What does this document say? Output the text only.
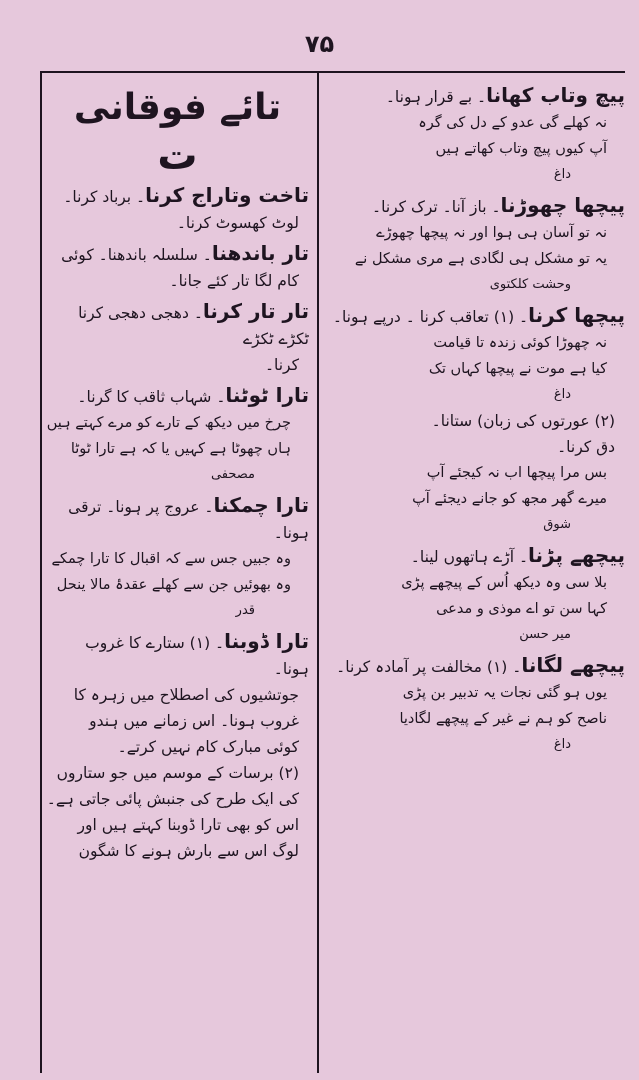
۷۵

پیچ وتاب کھانا۔ بے قرار ہونا۔

نہ کھلے گی عدو کے دل کی گرہ

آپ کیوں پیچ وتاب کھاتے ہیں

داغ

پیچھا چھوڑنا۔ باز آنا۔ ترک کرنا۔

نہ تو آسان ہی ہوا اور نہ پیچھا چھوڑے

یہ تو مشکل ہی لگادی ہے مری مشکل نے

وحشت کلکتوی

پیچھا کرنا۔ (۱) تعاقب کرنا ۔ درپے ہونا۔

نہ چھوڑا کوئی زندہ تا قیامت

کیا ہے موت نے پیچھا کہاں تک

داغ

(۲) عورتوں کی زبان) ستانا۔

دق کرنا۔

بس مرا پیچھا اب نہ کیجئے آپ

میرے گھر مجھ کو جانے دیجئے آپ

شوق

پیچھے پڑنا۔ آڑے ہاتھوں لینا۔

بلا سی وہ دیکھ اُس کے پیچھے پڑی

کہا سن تو اے موذی و مدعی

میر حسن

پیچھے لگانا۔ (۱) مخالفت پر آمادہ کرنا۔

یوں ہو گئی نجات یہ تدبیر بن پڑی

ناصح کو ہم نے غیر کے پیچھے لگادیا

داغ

تائے فوقانی

ت

تاخت وتاراج کرنا۔ برباد کرنا۔

لوٹ کھسوٹ کرنا۔

تار باندھنا۔ سلسلہ باندھنا۔ کوئی

کام لگا تار کئے جانا۔

تار تار کرنا۔ دھجی دھجی کرنا ٹکڑے ٹکڑے

کرنا۔

تارا ٹوٹنا۔ شہاب ثاقب کا گرنا۔

چرخ میں دیکھ کے تارے کو مرے کہتے ہیں

ہاں چھوٹا ہے کہیں یا کہ ہے تارا ٹوٹا

مصحفی

تارا چمکنا۔ عروج پر ہونا۔ ترقی ہونا۔

وہ جبیں جس سے کہ اقبال کا تارا چمکے

وہ بھوئیں جن سے کھلے عقدۂ مالا ینحل

قدر

تارا ڈوبنا۔ (۱) ستارے کا غروب ہونا۔

جوتشیوں کی اصطلاح میں زہرہ کا

غروب ہونا۔ اس زمانے میں ہندو

کوئی مبارک کام نہیں کرتے۔

(۲) برسات کے موسم میں جو ستاروں

کی ایک طرح کی جنبش پائی جاتی ہے۔

اس کو بھی تارا ڈوبنا کہتے ہیں اور

لوگ اس سے بارش ہونے کا شگون
